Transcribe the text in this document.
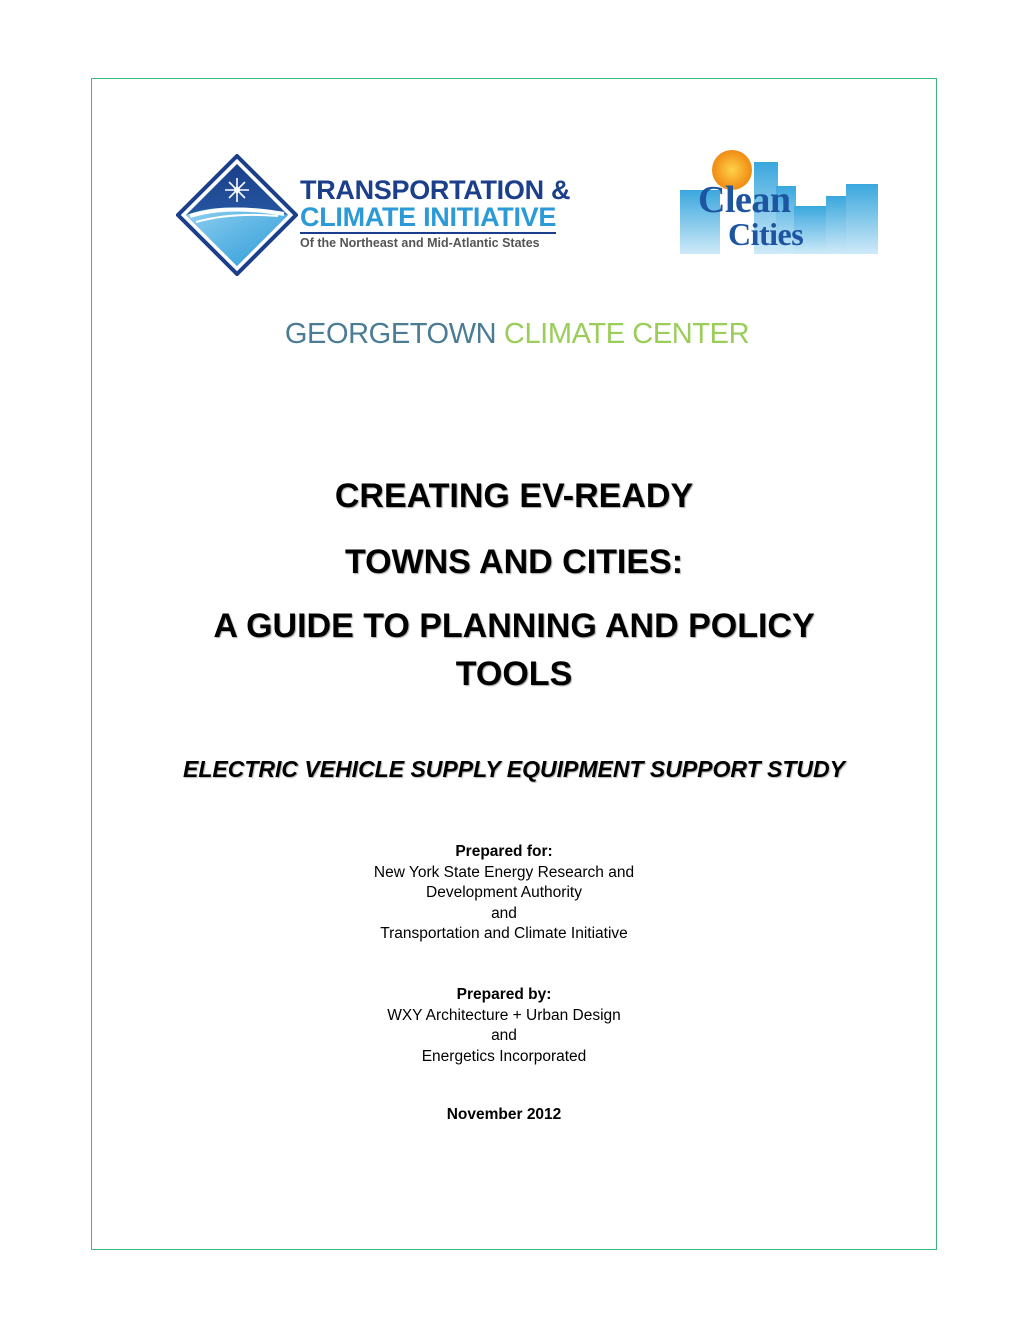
TRANSPORTATION &
CLIMATE INITIATIVE
Of the Northeast and Mid-Atlantic States
Clean
Cities
GEORGETOWN CLIMATE CENTER
CREATING EV-READY
TOWNS AND CITIES:
A GUIDE TO PLANNING AND POLICY
TOOLS
ELECTRIC VEHICLE SUPPLY EQUIPMENT SUPPORT STUDY
Prepared for:
New York State Energy Research and
Development Authority
and
Transportation and Climate Initiative
Prepared by:
WXY Architecture + Urban Design
and
Energetics Incorporated
November 2012
